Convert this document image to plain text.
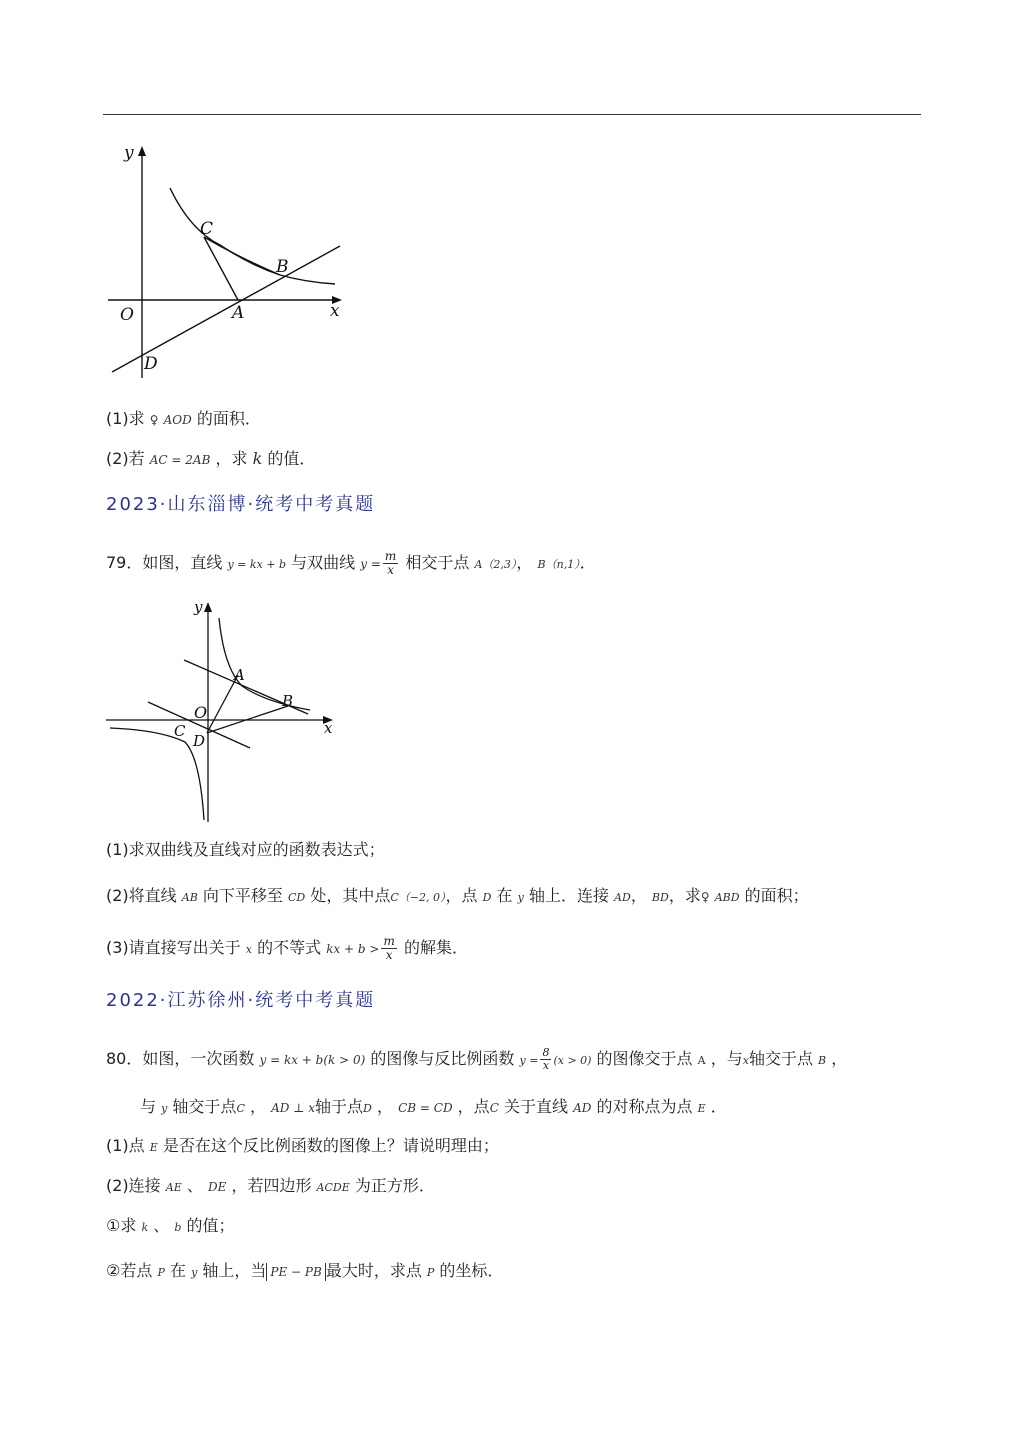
y
x
O	A
B
C
D
(1)求 ♀ AOD 的面积．
(2)若 AC = 2AB ，求 k 的值．
2023·山东淄博·统考中考真题
79．如图，直线 y = kx + b 与双曲线 $y = \frac{m}{x}$ 相交于点 A（2,3）， B（n,1）．
y
x
O
A
B
C
D
(1)求双曲线及直线对应的函数表达式；
(2)将直线 AB 向下平移至 CD 处，其中点C（−2, 0），点 D 在 y 轴上．连接 AD， BD，求♀ ABD 的面积；
(3)请直接写出关于 x 的不等式 kx + $b > \frac{m}{x}$ 的解集．
2022·江苏徐州·统考中考真题
80．如图，一次函数 y = kx + b(k > 0) 的图像与反比例函数 $y = \frac{8}{x} (x > 0)$ 的图像交于点 A ，与x轴交于点 B ，
与 y 轴交于点C ， AD ⊥ x轴于点D ， CB = CD ，点C 关于直线 AD 的对称点为点 E ．
(1)点 E 是否在这个反比例函数的图像上？请说明理由；
(2)连接 AE 、 DE ，若四边形 ACDE 为正方形．
①求 k 、 b 的值；
②若点 P 在 y 轴上，当 PE − PB 最大时，求点 P 的坐标．
